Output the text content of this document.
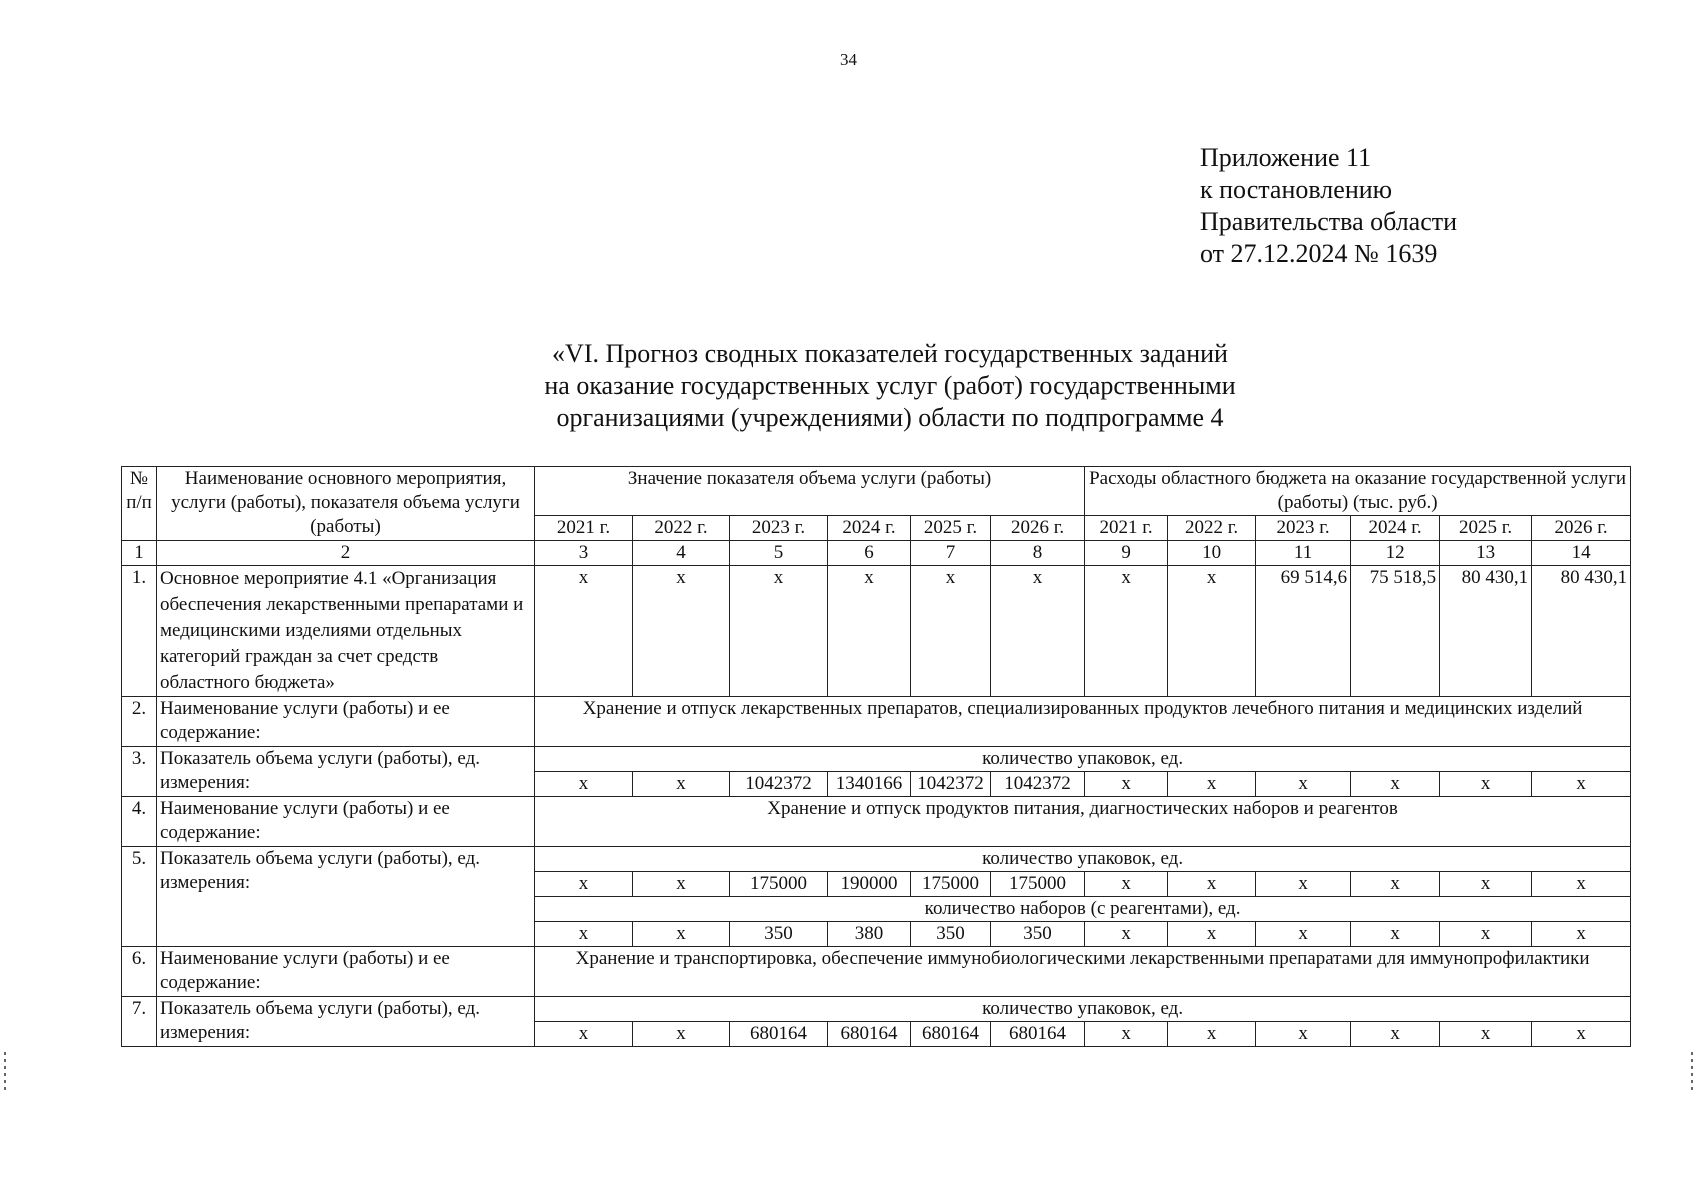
34
Приложение 11
к постановлению
Правительства области
от 27.12.2024 № 1639
«VI. Прогноз сводных показателей государственных заданий
на оказание государственных услуг (работ) государственными
организациями (учреждениями) области по подпрограмме 4
№ п/п	Наименование основного мероприятия, услуги (работы), показателя объема услуги (работы)	Значение показателя объема услуги (работы)						Расходы областного бюджета на оказание государственной услуги (работы) (тыс. руб.)					
		2021 г.	2022 г.	2023 г.	2024 г.	2025 г.	2026 г.	2021 г.	2022 г.	2023 г.	2024 г.	2025 г.	2026 г.
1	2	3	4	5	6	7	8	9	10	11	12	13	14
1.	Основное мероприятие 4.1 «Организация обеспечения лекарственными препаратами и медицинскими изделиями отдельных категорий граждан за счет средств областного бюджета»	x	x	x	x	x	x	x	x	69 514,6	75 518,5	80 430,1	80 430,1
2.	Наименование услуги (работы) и ее содержание:	Хранение и отпуск лекарственных препаратов, специализированных продуктов лечебного питания и медицинских изделий											
3.	Показатель объема услуги (работы), ед. измерения:	количество упаковок, ед.											
		x	x	1042372	1340166	1042372	1042372	x	x	x	x	x	x
4.	Наименование услуги (работы) и ее содержание:	Хранение и отпуск продуктов питания, диагностических наборов и реагентов											
5.	Показатель объема услуги (работы), ед. измерения:	количество упаковок, ед.											
		x	x	175000	190000	175000	175000	x	x	x	x	x	x
		количество наборов (с реагентами), ед.											
		x	x	350	380	350	350	x	x	x	x	x	x
6.	Наименование услуги (работы) и ее содержание:	Хранение и транспортировка, обеспечение иммунобиологическими лекарственными препаратами для иммунопрофилактики											
7.	Показатель объема услуги (работы), ед. измерения:	количество упаковок, ед.											
		x	x	680164	680164	680164	680164	x	x	x	x	x	x
